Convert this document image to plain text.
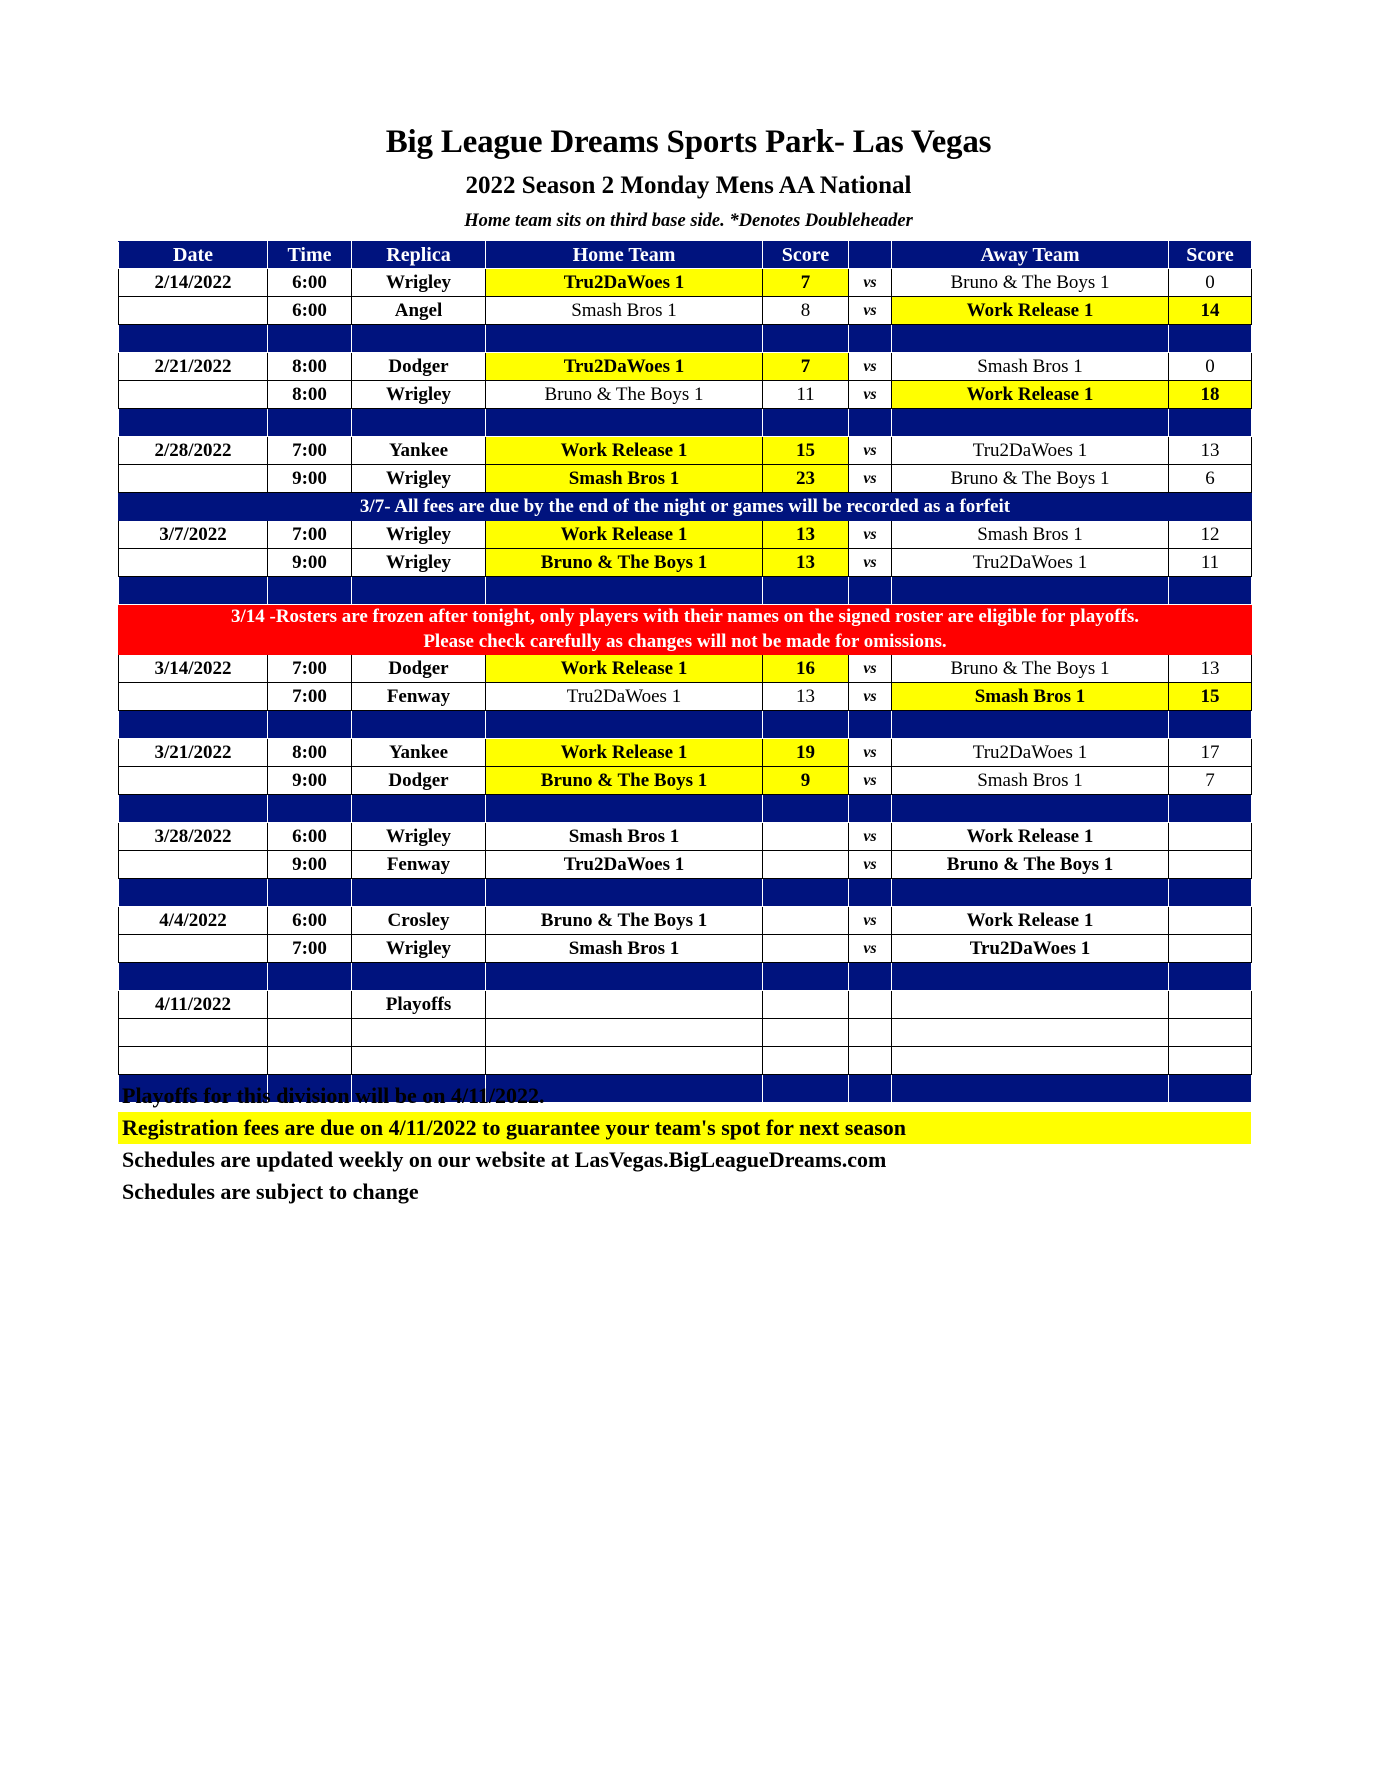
Big League Dreams Sports Park- Las Vegas
2022 Season 2 Monday Mens AA National
Home team sits on third base side. *Denotes Doubleheader
Date	Time	Replica	Home Team	Score		Away Team	Score
2/14/2022	6:00	Wrigley	Tru2DaWoes 1	7	vs	Bruno & The Boys 1	0
	6:00	Angel	Smash Bros 1	8	vs	Work Release 1	14

2/21/2022	8:00	Dodger	Tru2DaWoes 1	7	vs	Smash Bros 1	0
	8:00	Wrigley	Bruno & The Boys 1	11	vs	Work Release 1	18

2/28/2022	7:00	Yankee	Work Release 1	15	vs	Tru2DaWoes 1	13
	9:00	Wrigley	Smash Bros 1	23	vs	Bruno & The Boys 1	6
3/7- All fees are due by the end of the night or games will be recorded as a forfeit							
3/7/2022	7:00	Wrigley	Work Release 1	13	vs	Smash Bros 1	12
	9:00	Wrigley	Bruno & The Boys 1	13	vs	Tru2DaWoes 1	11

3/14 -Rosters are frozen after tonight, only players with their names on the signed roster are eligible for playoffs.							
Please check carefully as changes will not be made for omissions.							
3/14/2022	7:00	Dodger	Work Release 1	16	vs	Bruno & The Boys 1	13
	7:00	Fenway	Tru2DaWoes 1	13	vs	Smash Bros 1	15

3/21/2022	8:00	Yankee	Work Release 1	19	vs	Tru2DaWoes 1	17
	9:00	Dodger	Bruno & The Boys 1	9	vs	Smash Bros 1	7

3/28/2022	6:00	Wrigley	Smash Bros 1		vs	Work Release 1	
	9:00	Fenway	Tru2DaWoes 1		vs	Bruno & The Boys 1	

4/4/2022	6:00	Crosley	Bruno & The Boys 1		vs	Work Release 1	
	7:00	Wrigley	Smash Bros 1		vs	Tru2DaWoes 1	

4/11/2022		Playoffs					

Playoffs for this division will be on 4/11/2022.
Registration fees are due on 4/11/2022 to guarantee your team's spot for next season
Schedules are updated weekly on our website at LasVegas.BigLeagueDreams.com
Schedules are subject to change
